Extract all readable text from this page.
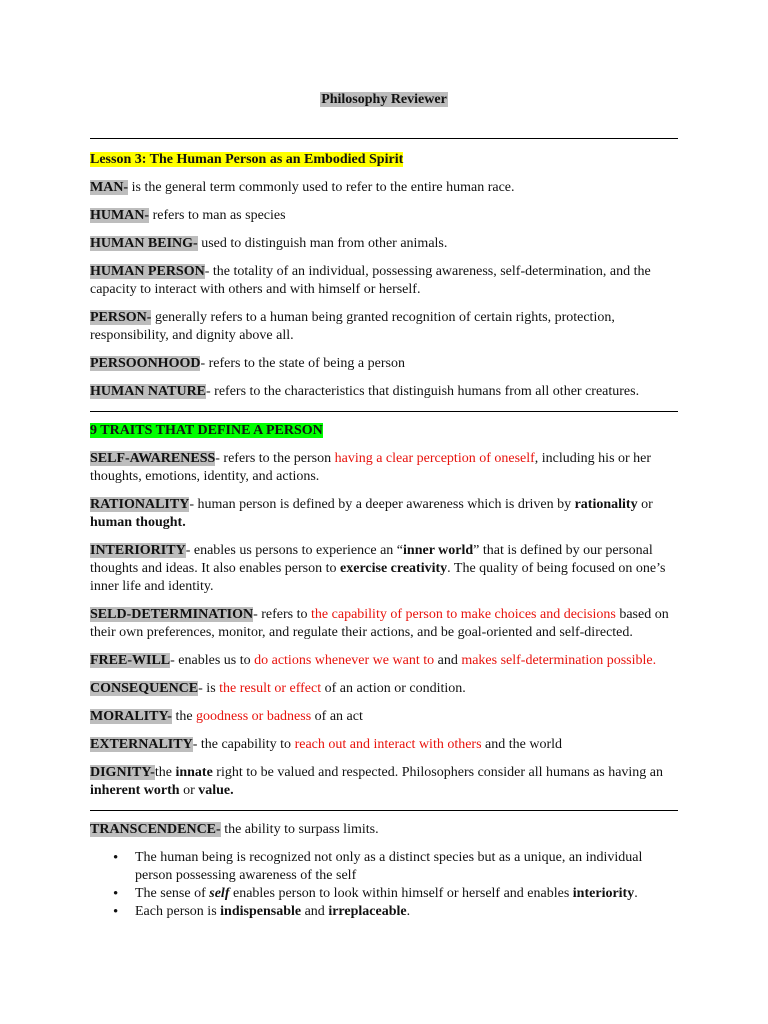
Philosophy Reviewer
Lesson 3: The Human Person as an Embodied Spirit

MAN- is the general term commonly used to refer to the entire human race.

HUMAN- refers to man as species

HUMAN BEING- used to distinguish man from other animals.

HUMAN PERSON- the totality of an individual, possessing awareness, self-determination, and the capacity to interact with others and with himself or herself.

PERSON- generally refers to a human being granted recognition of certain rights, protection, responsibility, and dignity above all.

PERSOONHOOD- refers to the state of being a person

HUMAN NATURE- refers to the characteristics that distinguish humans from all other creatures.

9 TRAITS THAT DEFINE A PERSON

SELF-AWARENESS- refers to the person having a clear perception of oneself, including his or her thoughts, emotions, identity, and actions.

RATIONALITY- human person is defined by a deeper awareness which is driven by rationality or human thought.

INTERIORITY- enables us persons to experience an “inner world” that is defined by our personal thoughts and ideas. It also enables person to exercise creativity. The quality of being focused on one’s inner life and identity.

SELD-DETERMINATION- refers to the capability of person to make choices and decisions based on their own preferences, monitor, and regulate their actions, and be goal-oriented and self-directed.

FREE-WILL- enables us to do actions whenever we want to and makes self-determination possible.

CONSEQUENCE- is the result or effect of an action or condition.

MORALITY- the goodness or badness of an act

EXTERNALITY- the capability to reach out and interact with others and the world

DIGNITY-the innate right to be valued and respected. Philosophers consider all humans as having an inherent worth or value.

TRANSCENDENCE- the ability to surpass limits.

• The human being is recognized not only as a distinct species but as a unique, an individual person possessing awareness of the self
• The sense of self enables person to look within himself or herself and enables interiority.
• Each person is indispensable and irreplaceable.
